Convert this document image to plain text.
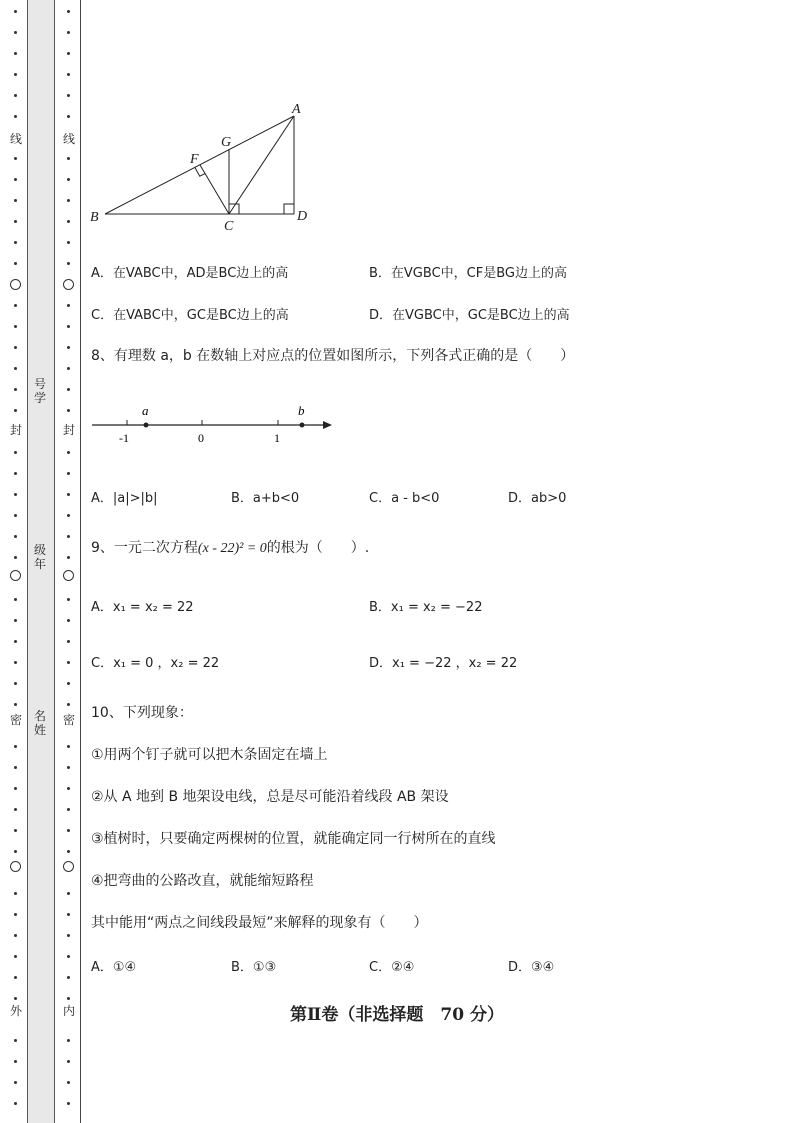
线
封
密
外
线
封
密
内
号学
级年
名姓
B
C
D
A
G
F
A．在VABC中，AD是BC边上的高	B．在VGBC中，CF是BG边上的高
C．在VABC中，GC是BC边上的高	D．在VGBC中，GC是BC边上的高
8、有理数 a，b 在数轴上对应点的位置如图所示，下列各式正确的是（　　）
a	b
-1	0	1
A．|a|>|b|	B．a+b<0	C．a - b<0	D．ab>0
9、一元二次方程(x - 22)² = 0的根为（　　）.
A．x₁ = x₂ = 22	B．x₁ = x₂ = −22
C．x₁ = 0 ，x₂ = 22	D．x₁ = −22 ，x₂ = 22
10、下列现象：
①用两个钉子就可以把木条固定在墙上
②从 A 地到 B 地架设电线，总是尽可能沿着线段 AB 架设
③植树时，只要确定两棵树的位置，就能确定同一行树所在的直线
④把弯曲的公路改直，就能缩短路程
其中能用“两点之间线段最短”来解释的现象有（　　）
A．①④	B．①③	C．②④	D．③④
第Ⅱ卷（非选择题　70 分）
